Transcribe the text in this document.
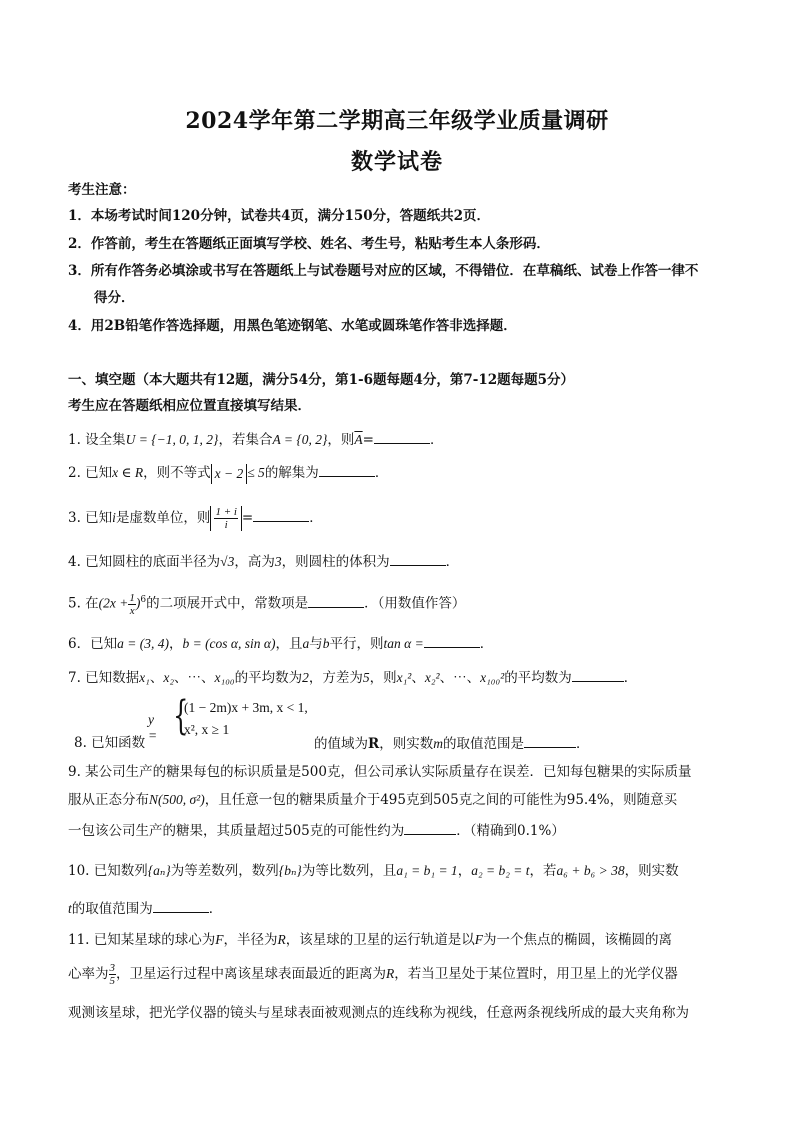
2024学年第二学期高三年级学业质量调研
数学试卷
考生注意：
1．本场考试时间120分钟，试卷共4页，满分150分，答题纸共2页．
2．作答前，考生在答题纸正面填写学校、姓名、考生号，粘贴考生本人条形码．
3．所有作答务必填涂或书写在答题纸上与试卷题号对应的区域，不得错位．在草稿纸、试卷上作答一律不
得分．
4．用2B铅笔作答选择题，用黑色笔迹钢笔、水笔或圆珠笔作答非选择题．
一、填空题（本大题共有12题，满分54分，第1-6题每题4分，第7-12题每题5分）
考生应在答题纸相应位置直接填写结果．
1. 设全集U = {−1, 0, 1, 2}，若集合A = {0, 2}，则$\overline{A}=$	．
2. 已知x ∈ R，则不等式 x − 2 ≤ 5的解集为	．
3. 已知i是虚数单位，则 $\frac{1 + i}{i}$ =	．
4. 已知圆柱的底面半径为√3，高为3，则圆柱的体积为	．
5. 在$(2x + \frac{1}{x} )^6$的二项展开式中，常数项是	．（用数值作答）
6．已知a = (3, 4)，b = (cos α, sin α)，且a与b平行，则tan α =	．
7. 已知数据x₁、x₂、⋯、x₁₀₀的平均数为2，方差为5，则x₁²、x₂²、⋯、x₁₀₀²的平均数为	．
y = {
(1 − 2m)x + 3m, x < 1,
x², x ≥ 1
8. 已知函数	的值域为R，则实数m的取值范围是	．
9. 某公司生产的糖果每包的标识质量是500克，但公司承认实际质量存在误差．已知每包糖果的实际质量
服从正态分布N(500, σ²)，且任意一包的糖果质量介于495克到505克之间的可能性为95.4%，则随意买
一包该公司生产的糖果，其质量超过505克的可能性约为	．（精确到0.1%）
10. 已知数列{aₙ}为等差数列，数列{bₙ}为等比数列，且a₁ = b₁ = 1，a₂ = b₂ = t，若a₆ + b₆ > 38，则实数
t的取值范围为	．
11. 已知某星球的球心为F，半径为R，该星球的卫星的运行轨道是以F为一个焦点的椭圆，该椭圆的离
心率为 $\frac{3}{5}$ ，卫星运行过程中离该星球表面最近的距离为R，若当卫星处于某位置时，用卫星上的光学仪器
观测该星球，把光学仪器的镜头与星球表面被观测点的连线称为视线，任意两条视线所成的最大夹角称为
